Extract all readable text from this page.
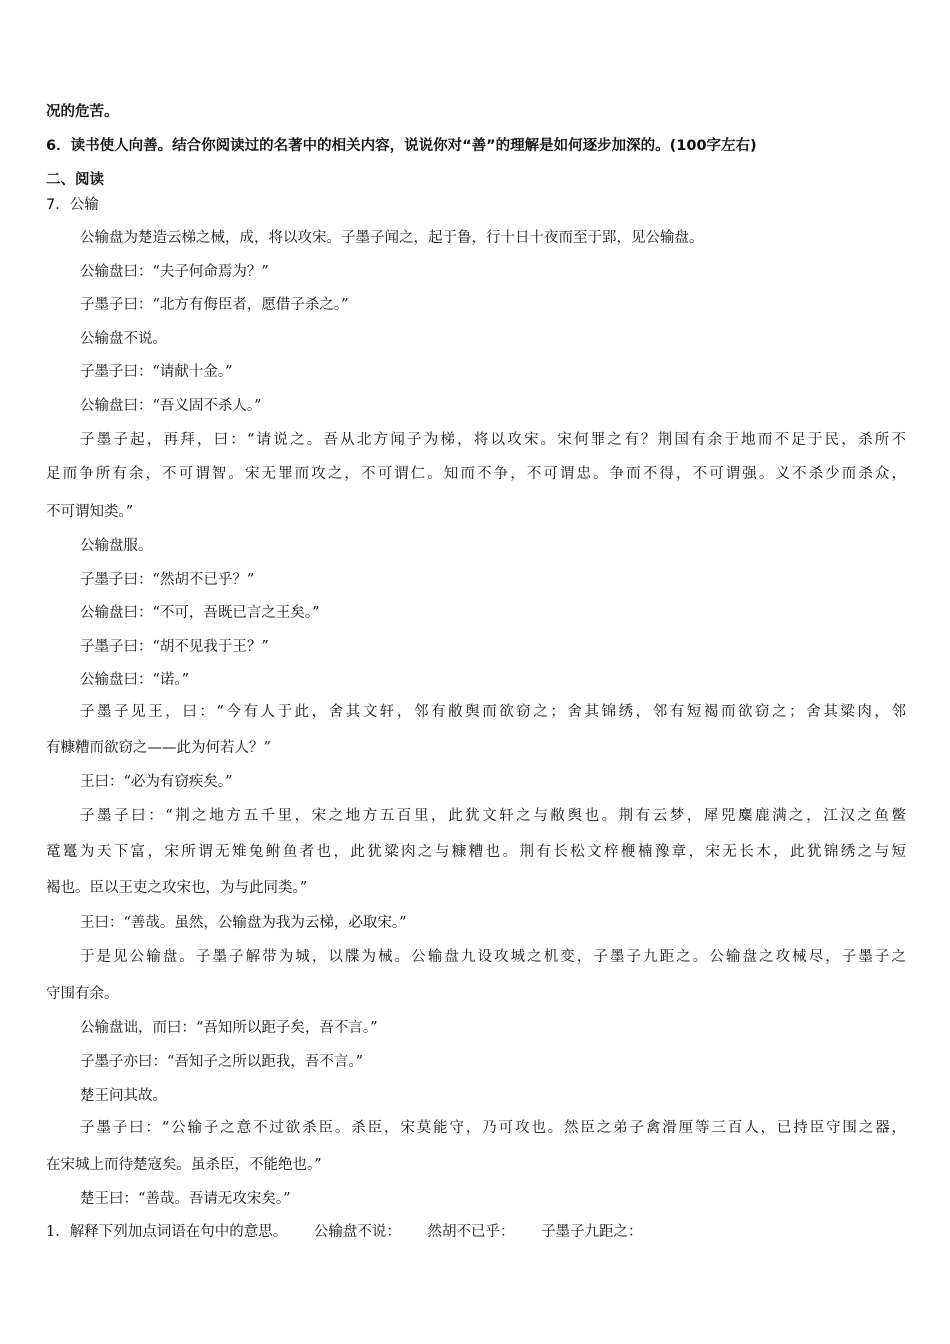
况的危苦。
6．读书使人向善。结合你阅读过的名著中的相关内容，说说你对“善”的理解是如何逐步加深的。(100字左右)
二、阅读
7．公输
公输盘为楚造云梯之械，成，将以攻宋。子墨子闻之，起于鲁，行十日十夜而至于郢，见公输盘。
公输盘曰：“夫子何命焉为？”
子墨子曰：“北方有侮臣者，愿借子杀之。”
公输盘不说。
子墨子曰：“请献十金。”
公输盘曰：“吾义固不杀人。”
子墨子起，再拜，曰：“请说之。吾从北方闻子为梯，将以攻宋。宋何罪之有？荆国有余于地而不足于民，杀所不
足而争所有余，不可谓智。宋无罪而攻之，不可谓仁。知而不争，不可谓忠。争而不得，不可谓强。义不杀少而杀众，
不可谓知类。”
公输盘服。
子墨子曰：“然胡不已乎？”
公输盘曰：“不可，吾既已言之王矣。”
子墨子曰：“胡不见我于王？”
公输盘曰：“诺。”
子墨子见王，曰：“今有人于此，舍其文轩，邻有敝舆而欲窃之；舍其锦绣，邻有短褐而欲窃之；舍其粱肉，邻
有糠糟而欲窃之——此为何若人？”
王曰：“必为有窃疾矣。”
子墨子曰：“荆之地方五千里，宋之地方五百里，此犹文轩之与敝舆也。荆有云梦，犀兕麋鹿满之，江汉之鱼鳖
鼋鼍为天下富，宋所谓无雉兔鲋鱼者也，此犹粱肉之与糠糟也。荆有长松文梓楩楠豫章，宋无长木，此犹锦绣之与短
褐也。臣以王吏之攻宋也，为与此同类。”
王曰：“善哉。虽然，公输盘为我为云梯，必取宋。”
于是见公输盘。子墨子解带为城，以牒为械。公输盘九设攻城之机变，子墨子九距之。公输盘之攻械尽，子墨子之
守围有余。
公输盘诎，而曰：“吾知所以距子矣，吾不言。”
子墨子亦曰：“吾知子之所以距我，吾不言。”
楚王问其故。
子墨子曰：“公输子之意不过欲杀臣。杀臣，宋莫能守，乃可攻也。然臣之弟子禽滑厘等三百人，已持臣守围之器，
在宋城上而待楚寇矣。虽杀臣，不能绝也。”
楚王曰：“善哉。吾请无攻宋矣。”
1．解释下列加点词语在句中的意思。 公输盘不说： 然胡不已乎： 子墨子九距之：
